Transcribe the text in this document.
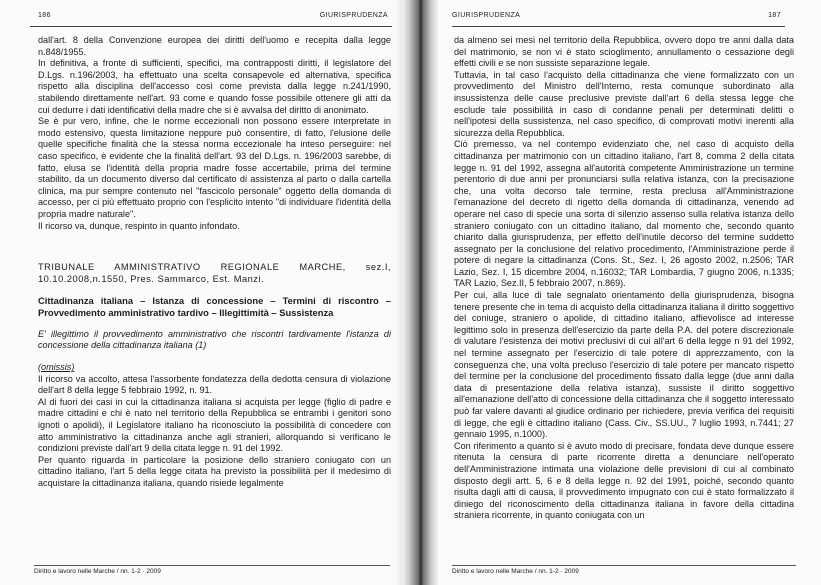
186	GIURISPRUDENZA

dall'art. 8 della Convenzione europea dei diritti dell'uomo e recepita dalla legge n.848/1955.

In definitiva, a fronte di sufficienti, specifici, ma contrapposti diritti, il legislatore del D.Lgs. n.196/2003, ha effettuato una scelta consapevole ed alternativa, specifica rispetto alla disciplina dell'accesso così come prevista dalla legge n.241/1990, stabilendo direttamente nell'art. 93 come e quando fosse possibile ottenere gli atti da cui dedurre i dati identificativi della madre che si è avvalsa del diritto di anonimato.

Se è pur vero, infine, che le norme eccezionali non possono essere interpretate in modo estensivo, questa limitazione neppure può consentire, di fatto, l'elusione delle quelle specifiche finalità che la stessa norma eccezionale ha inteso perseguire: nel caso specifico, è evidente che la finalità dell'art. 93 del D.Lgs. n. 196/2003 sarebbe, di fatto, elusa se l'identità della propria madre fosse accertabile, prima del termine stabilito, da un documento diverso dal certificato di assistenza al parto o dalla cartella clinica, ma pur sempre contenuto nel "fascicolo personale" oggetto della domanda di accesso, per ci più effettuato proprio con l'esplicito intento "di individuare l'identità della propria madre naturale".

Il ricorso va, dunque, respinto in quanto infondato.

TRIBUNALE AMMINISTRATIVO REGIONALE MARCHE, sez.I, 10.10.2008,n.1550, Pres. Sammarco, Est. Manzi.

Cittadinanza italiana – Istanza di concessione – Termini di riscontro – Provvedimento amministrativo tardivo – Illegittimità – Sussistenza

E' illegittimo il provvedimento amministrativo che riscontri tardivamente l'istanza di concessione della cittadinanza italiana (1)

(omissis)

Il ricorso va accolto, attesa l'assorbente fondatezza della dedotta censura di violazione dell'art 8 della legge 5 febbraio 1992, n. 91.

Al di fuori dei casi in cui la cittadinanza italiana si acquista per legge (figlio di padre e madre cittadini e chi è nato nel territorio della Repubblica se entrambi i genitori sono ignoti o apolidi), il Legislatore italiano ha riconosciuto la possibilità di concedere con atto amministrativo la cittadinanza anche agli stranieri, allorquando si verificano le condizioni previste dall'art 9 della citata legge n. 91 del 1992.

Per quanto riguarda in particolare la posizione dello straniero coniugato con un cittadino italiano, l'art 5 della legge citata ha previsto la possibilità per il medesimo di acquistare la cittadinanza italiana, quando risiede legalmente

Diritto e lavoro nelle Marche / nn. 1-2 · 2009
GIURISPRUDENZA	187

da almeno sei mesi nel territorio della Repubblica, ovvero dopo tre anni dalla data del matrimonio, se non vi è stato scioglimento, annullamento o cessazione degli effetti civili e se non sussiste separazione legale.

Tuttavia, in tal caso l'acquisto della cittadinanza che viene formalizzato con un provvedimento del Ministro dell'Interno, resta comunque subordinato alla insussistenza delle cause preclusive previste dall'art 6 della stessa legge che esclude tale possibilità in caso di condanne penali per determinati delitti o nell'ipotesi della sussistenza, nel caso specifico, di comprovati motivi inerenti alla sicurezza della Repubblica.

Ciò premesso, va nel contempo evidenziato che, nel caso di acquisto della cittadinanza per matrimonio con un cittadino italiano, l'art 8, comma 2 della citata legge n. 91 del 1992, assegna all'autorità competente Amministrazione un termine perentorio di due anni per pronunciarsi sulla relativa istanza, con la precisazione che, una volta decorso tale termine, resta preclusa all'Amministrazione l'emanazione del decreto di rigetto della domanda di cittadinanza, venendo ad operare nel caso di specie una sorta di silenzio assenso sulla relativa istanza dello straniero coniugato con un cittadino italiano, dal momento che, secondo quanto chiarito dalla giurisprudenza, per effetto dell'inutile decorso del termine suddetto assegnato per la conclusione del relativo procedimento, l'Amministrazione perde il potere di negare la cittadinanza (Cons. St., Sez. I, 26 agosto 2002, n.2506; TAR Lazio, Sez. I, 15 dicembre 2004, n.16032; TAR Lombardia, 7 giugno 2006, n.1335; TAR Lazio, Sez.II, 5 febbraio 2007, n.869).

Per cui, alla luce di tale segnalato orientamento della giurisprudenza, bisogna tenere presente che in tema di acquisto della cittadinanza italiana il diritto soggettivo del coniuge, straniero o apolide, di cittadino italiano, affievolisce ad interesse legittimo solo in presenza dell'esercizio da parte della P.A. del potere discrezionale di valutare l'esistenza dei motivi preclusivi di cui all'art 6 della legge n 91 del 1992, nel termine assegnato per l'esercizio di tale potere di apprezzamento, con la conseguenza che, una volta precluso l'esercizio di tale potere per mancato rispetto del termine per la conclusione del procedimento fissato dalla legge (due anni dalla data di presentazione della relativa istanza), sussiste il diritto soggettivo all'emanazione dell'atto di concessione della cittadinanza che il soggetto interessato può far valere davanti al giudice ordinario per richiedere, previa verifica dei requisiti di legge, che egli è cittadino italiano (Cass. Civ., SS.UU., 7 luglio 1993, n.7441; 27 gennaio 1995, n.1000).

Con riferimento a quanto si è avuto modo di precisare, fondata deve dunque essere ritenuta la censura di parte ricorrente diretta a denunciare nell'operato dell'Amministrazione intimata una violazione delle previsioni di cui al combinato disposto degli artt. 5, 6 e 8 della legge n. 92 del 1991, poiché, secondo quanto risulta dagli atti di causa, il provvedimento impugnato con cui è stato formalizzato il diniego del riconoscimento della cittadinanza italiana in favore della cittadina straniera ricorrente, in quanto coniugata con un

Diritto e lavoro nelle Marche / nn. 1-2 · 2009
